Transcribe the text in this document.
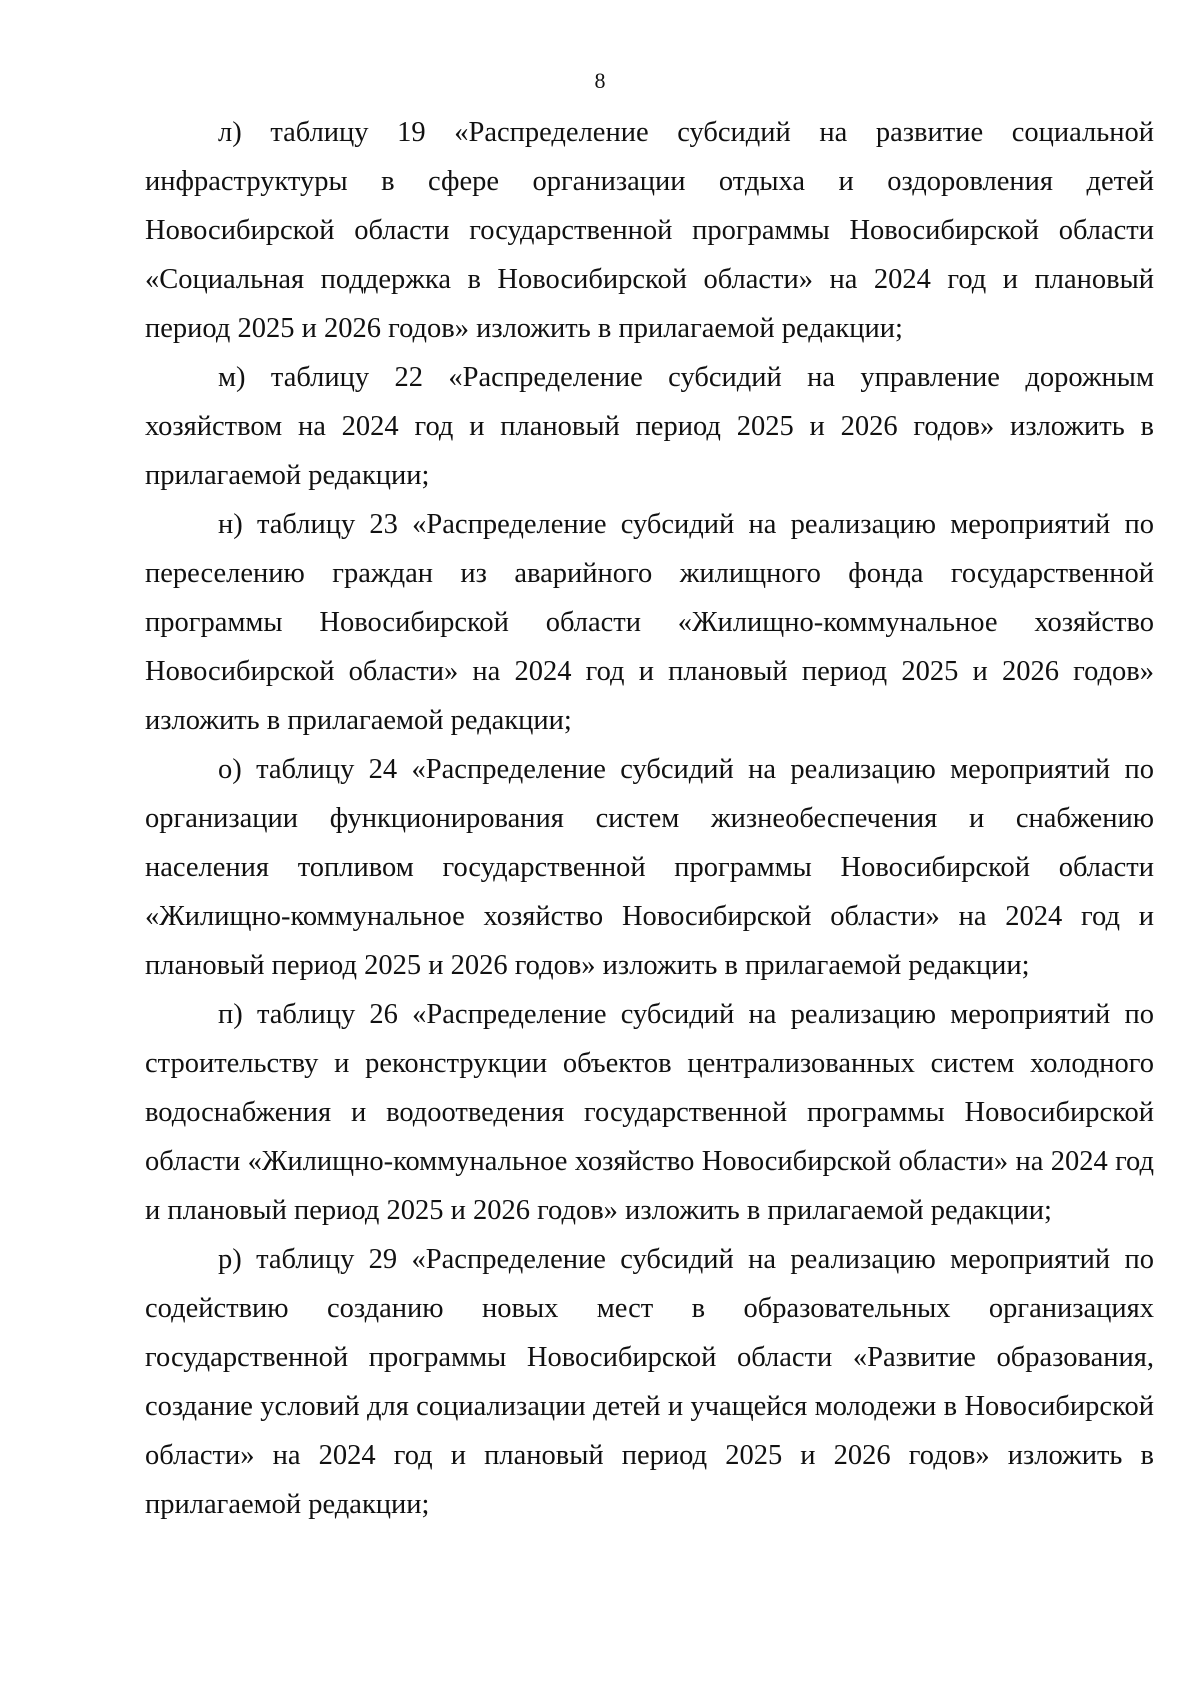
8

л) таблицу 19 «Распределение субсидий на развитие социальной инфраструктуры в сфере организации отдыха и оздоровления детей Новосибирской области государственной программы Новосибирской области «Социальная поддержка в Новосибирской области» на 2024 год и плановый период 2025 и 2026 годов» изложить в прилагаемой редакции;

м) таблицу 22 «Распределение субсидий на управление дорожным хозяйством на 2024 год и плановый период 2025 и 2026 годов» изложить в прилагаемой редакции;

н) таблицу 23 «Распределение субсидий на реализацию мероприятий по переселению граждан из аварийного жилищного фонда государственной программы Новосибирской области «Жилищно-коммунальное хозяйство Новосибирской области» на 2024 год и плановый период 2025 и 2026 годов» изложить в прилагаемой редакции;

о) таблицу 24 «Распределение субсидий на реализацию мероприятий по организации функционирования систем жизнеобеспечения и снабжению населения топливом государственной программы Новосибирской области «Жилищно-коммунальное хозяйство Новосибирской области» на 2024 год и плановый период 2025 и 2026 годов» изложить в прилагаемой редакции;

п) таблицу 26 «Распределение субсидий на реализацию мероприятий по строительству и реконструкции объектов централизованных систем холодного водоснабжения и водоотведения государственной программы Новосибирской области «Жилищно-коммунальное хозяйство Новосибирской области» на 2024 год и плановый период 2025 и 2026 годов» изложить в прилагаемой редакции;

р) таблицу 29 «Распределение субсидий на реализацию мероприятий по содействию созданию новых мест в образовательных организациях государственной программы Новосибирской области «Развитие образования, создание условий для социализации детей и учащейся молодежи в Новосибирской области» на 2024 год и плановый период 2025 и 2026 годов» изложить в прилагаемой редакции;
